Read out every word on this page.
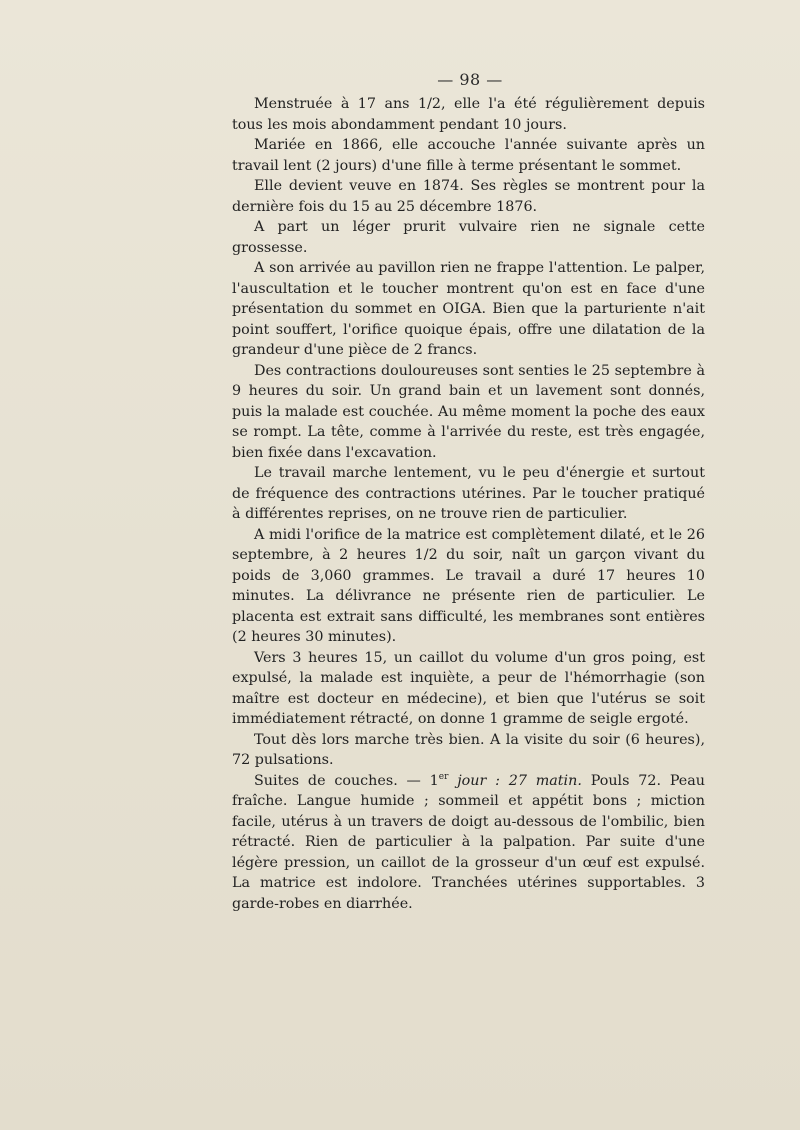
— 98 —

Menstruée à 17 ans 1/2, elle l'a été régulièrement depuis tous les mois abondamment pendant 10 jours.

Mariée en 1866, elle accouche l'année suivante après un travail lent (2 jours) d'une fille à terme présentant le sommet.

Elle devient veuve en 1874. Ses règles se montrent pour la dernière fois du 15 au 25 décembre 1876.

A part un léger prurit vulvaire rien ne signale cette grossesse.

A son arrivée au pavillon rien ne frappe l'attention. Le palper, l'auscultation et le toucher montrent qu'on est en face d'une présentation du sommet en OIGA. Bien que la parturiente n'ait point souffert, l'orifice quoique épais, offre une dilatation de la grandeur d'une pièce de 2 francs.

Des contractions douloureuses sont senties le 25 septembre à 9 heures du soir. Un grand bain et un lavement sont donnés, puis la malade est couchée. Au même moment la poche des eaux se rompt. La tête, comme à l'arrivée du reste, est très engagée, bien fixée dans l'excavation.

Le travail marche lentement, vu le peu d'énergie et surtout de fréquence des contractions utérines. Par le toucher pratiqué à différentes reprises, on ne trouve rien de particulier.

A midi l'orifice de la matrice est complètement dilaté, et le 26 septembre, à 2 heures 1/2 du soir, naît un garçon vivant du poids de 3,060 grammes. Le travail a duré 17 heures 10 minutes. La délivrance ne présente rien de particulier. Le placenta est extrait sans difficulté, les membranes sont entières (2 heures 30 minutes).

Vers 3 heures 15, un caillot du volume d'un gros poing, est expulsé, la malade est inquiète, a peur de l'hémorrhagie (son maître est docteur en médecine), et bien que l'utérus se soit immédiatement rétracté, on donne 1 gramme de seigle ergoté.

Tout dès lors marche très bien. A la visite du soir (6 heures), 72 pulsations.

Suites de couches. — 1er jour : 27 matin. Pouls 72. Peau fraîche. Langue humide ; sommeil et appétit bons ; miction facile, utérus à un travers de doigt au-dessous de l'ombilic, bien rétracté. Rien de particulier à la palpation. Par suite d'une légère pression, un caillot de la grosseur d'un œuf est expulsé. La matrice est indolore. Tranchées utérines supportables. 3 garde-robes en diarrhée.
